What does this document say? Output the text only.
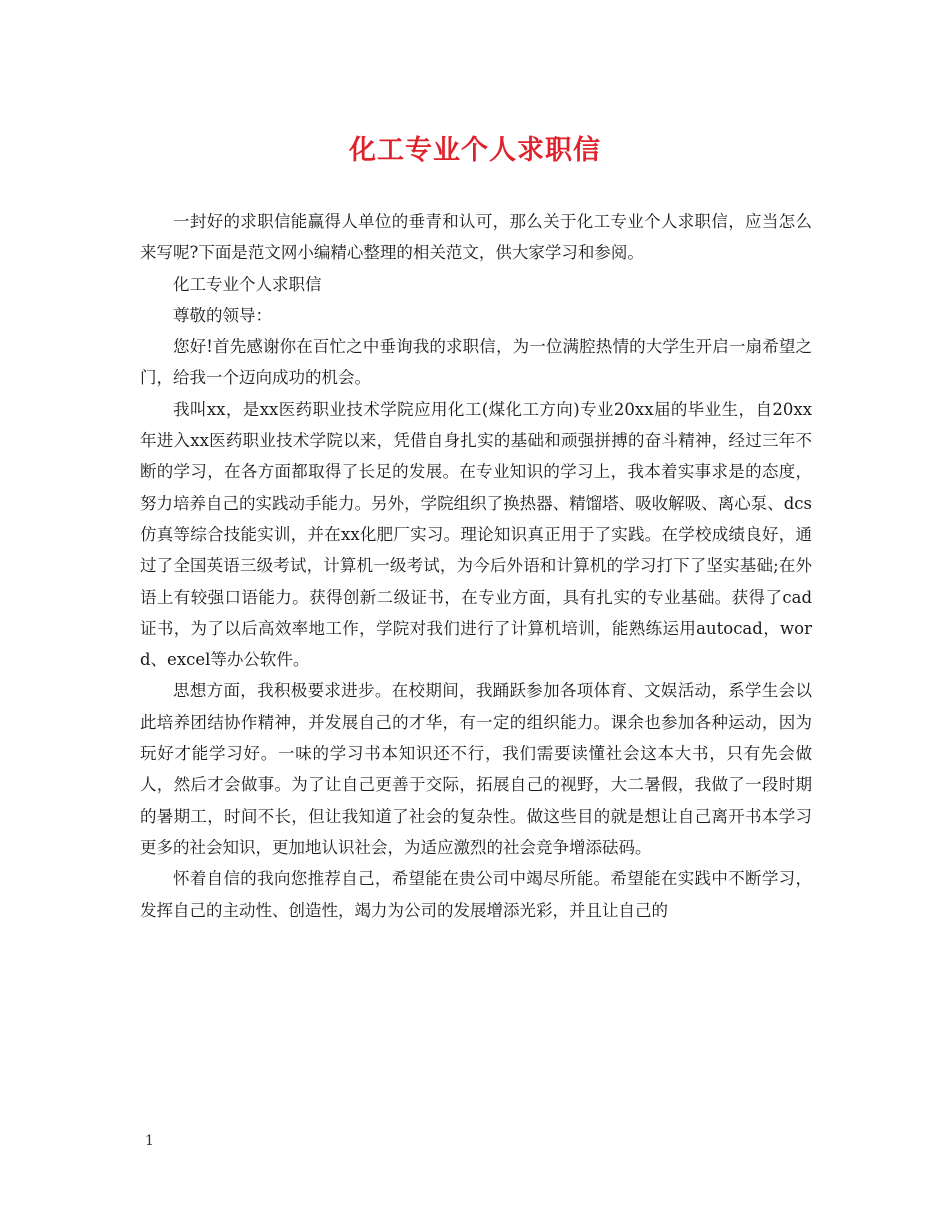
化工专业个人求职信

一封好的求职信能赢得人单位的垂青和认可，那么关于化工专业个人求职信，应当怎么来写呢?下面是范文网小编精心整理的相关范文，供大家学习和参阅。

化工专业个人求职信

尊敬的领导：

您好!首先感谢你在百忙之中垂询我的求职信，为一位满腔热情的大学生开启一扇希望之门，给我一个迈向成功的机会。

我叫xx，是xx医药职业技术学院应用化工(煤化工方向)专业20xx届的毕业生，自20xx年进入xx医药职业技术学院以来，凭借自身扎实的基础和顽强拼搏的奋斗精神，经过三年不断的学习，在各方面都取得了长足的发展。在专业知识的学习上，我本着实事求是的态度，努力培养自己的实践动手能力。另外，学院组织了换热器、精馏塔、吸收解吸、离心泵、dcs仿真等综合技能实训，并在xx化肥厂实习。理论知识真正用于了实践。在学校成绩良好，通过了全国英语三级考试，计算机一级考试，为今后外语和计算机的学习打下了坚实基础;在外语上有较强口语能力。获得创新二级证书，在专业方面，具有扎实的专业基础。获得了cad证书，为了以后高效率地工作，学院对我们进行了计算机培训，能熟练运用autocad，word、excel等办公软件。

思想方面，我积极要求进步。在校期间，我踊跃参加各项体育、文娱活动，系学生会以此培养团结协作精神，并发展自己的才华，有一定的组织能力。课余也参加各种运动，因为玩好才能学习好。一味的学习书本知识还不行，我们需要读懂社会这本大书，只有先会做人，然后才会做事。为了让自己更善于交际，拓展自己的视野，大二暑假，我做了一段时期的暑期工，时间不长，但让我知道了社会的复杂性。做这些目的就是想让自己离开书本学习更多的社会知识，更加地认识社会，为适应激烈的社会竞争增添砝码。

怀着自信的我向您推荐自己，希望能在贵公司中竭尽所能。希望能在实践中不断学习，发挥自己的主动性、创造性，竭力为公司的发展增添光彩，并且让自己的

1
